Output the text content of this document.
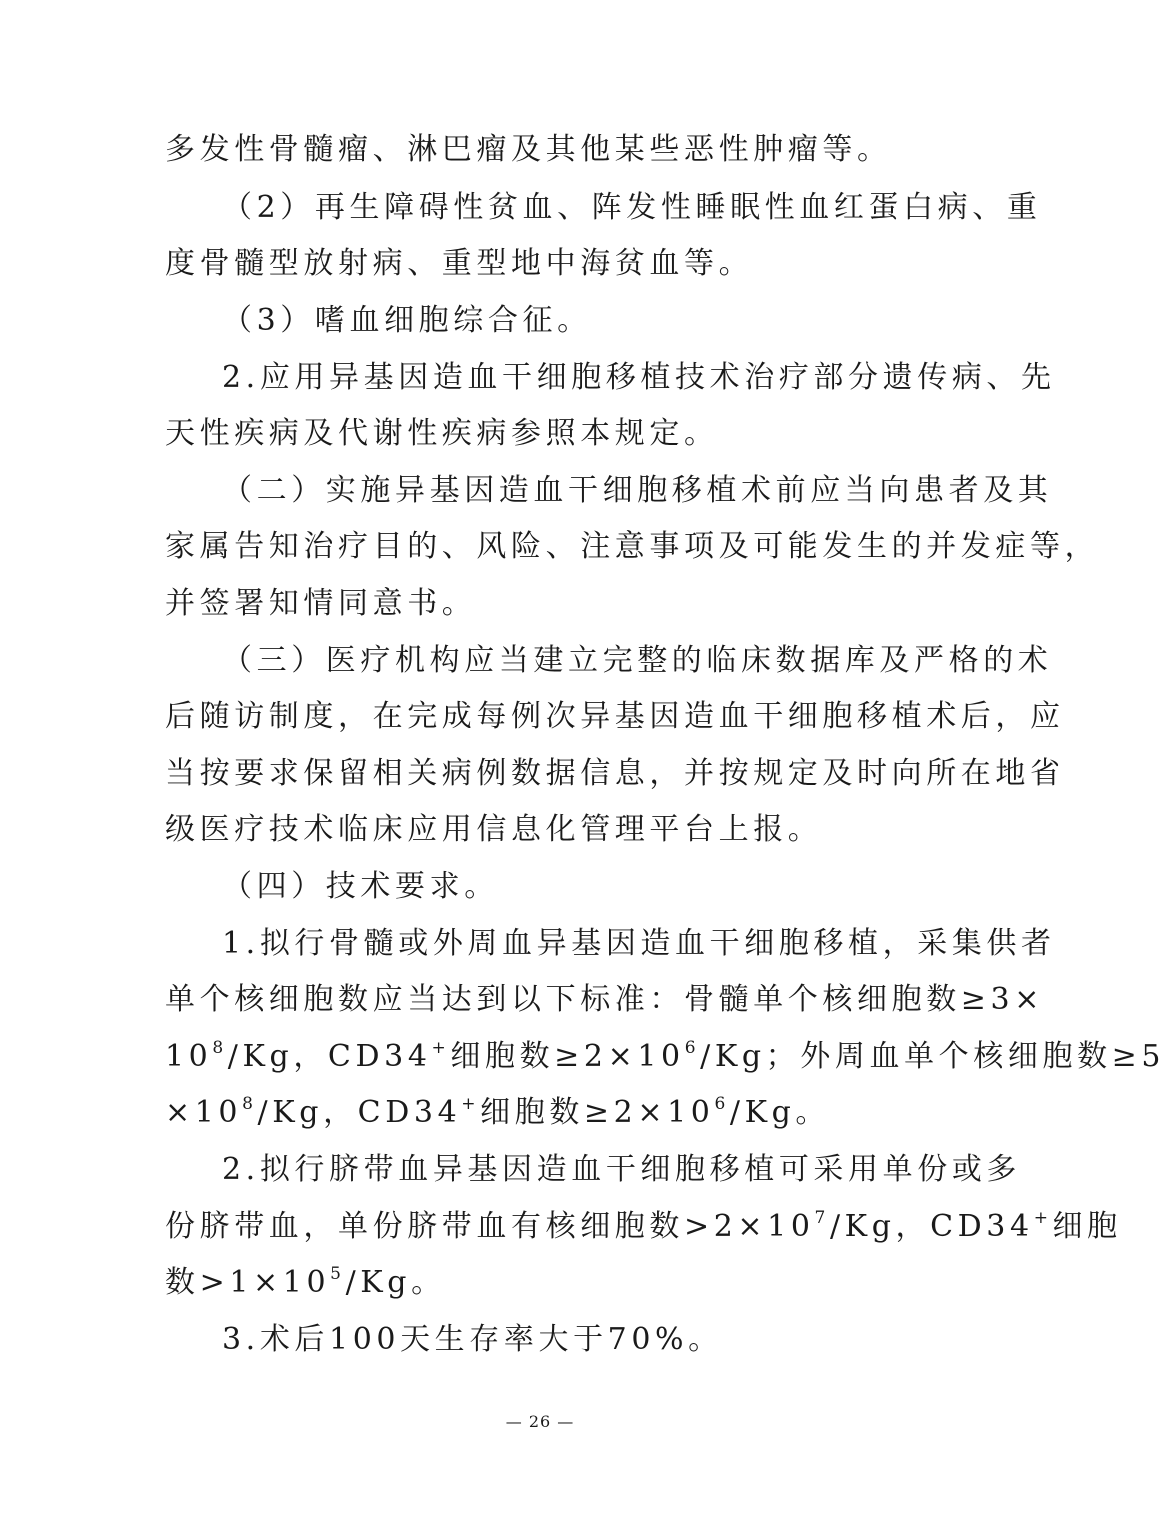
多发性骨髓瘤、淋巴瘤及其他某些恶性肿瘤等。
（2）再生障碍性贫血、阵发性睡眠性血红蛋白病、重
度骨髓型放射病、重型地中海贫血等。
（3）嗜血细胞综合征。
2.应用异基因造血干细胞移植技术治疗部分遗传病、先
天性疾病及代谢性疾病参照本规定。
（二）实施异基因造血干细胞移植术前应当向患者及其
家属告知治疗目的、风险、注意事项及可能发生的并发症等，
并签署知情同意书。
（三）医疗机构应当建立完整的临床数据库及严格的术
后随访制度，在完成每例次异基因造血干细胞移植术后，应
当按要求保留相关病例数据信息，并按规定及时向所在地省
级医疗技术临床应用信息化管理平台上报。
（四）技术要求。
1.拟行骨髓或外周血异基因造血干细胞移植，采集供者
单个核细胞数应当达到以下标准：骨髓单个核细胞数≥3×
$10^8/Kg$，CD34+细胞数$\ge 2\times 10^6/Kg$；外周血单个核细胞数≥5
$\times 10^8/Kg$，CD34+细胞数$\ge 2\times 10^6/Kg$。
2.拟行脐带血异基因造血干细胞移植可采用单份或多
份脐带血，单份脐带血有核细胞数$>2\times 10^7/Kg$，CD34+细胞
数$>1\times 10^5/Kg$。
3.术后100天生存率大于70%。
— 26 —
